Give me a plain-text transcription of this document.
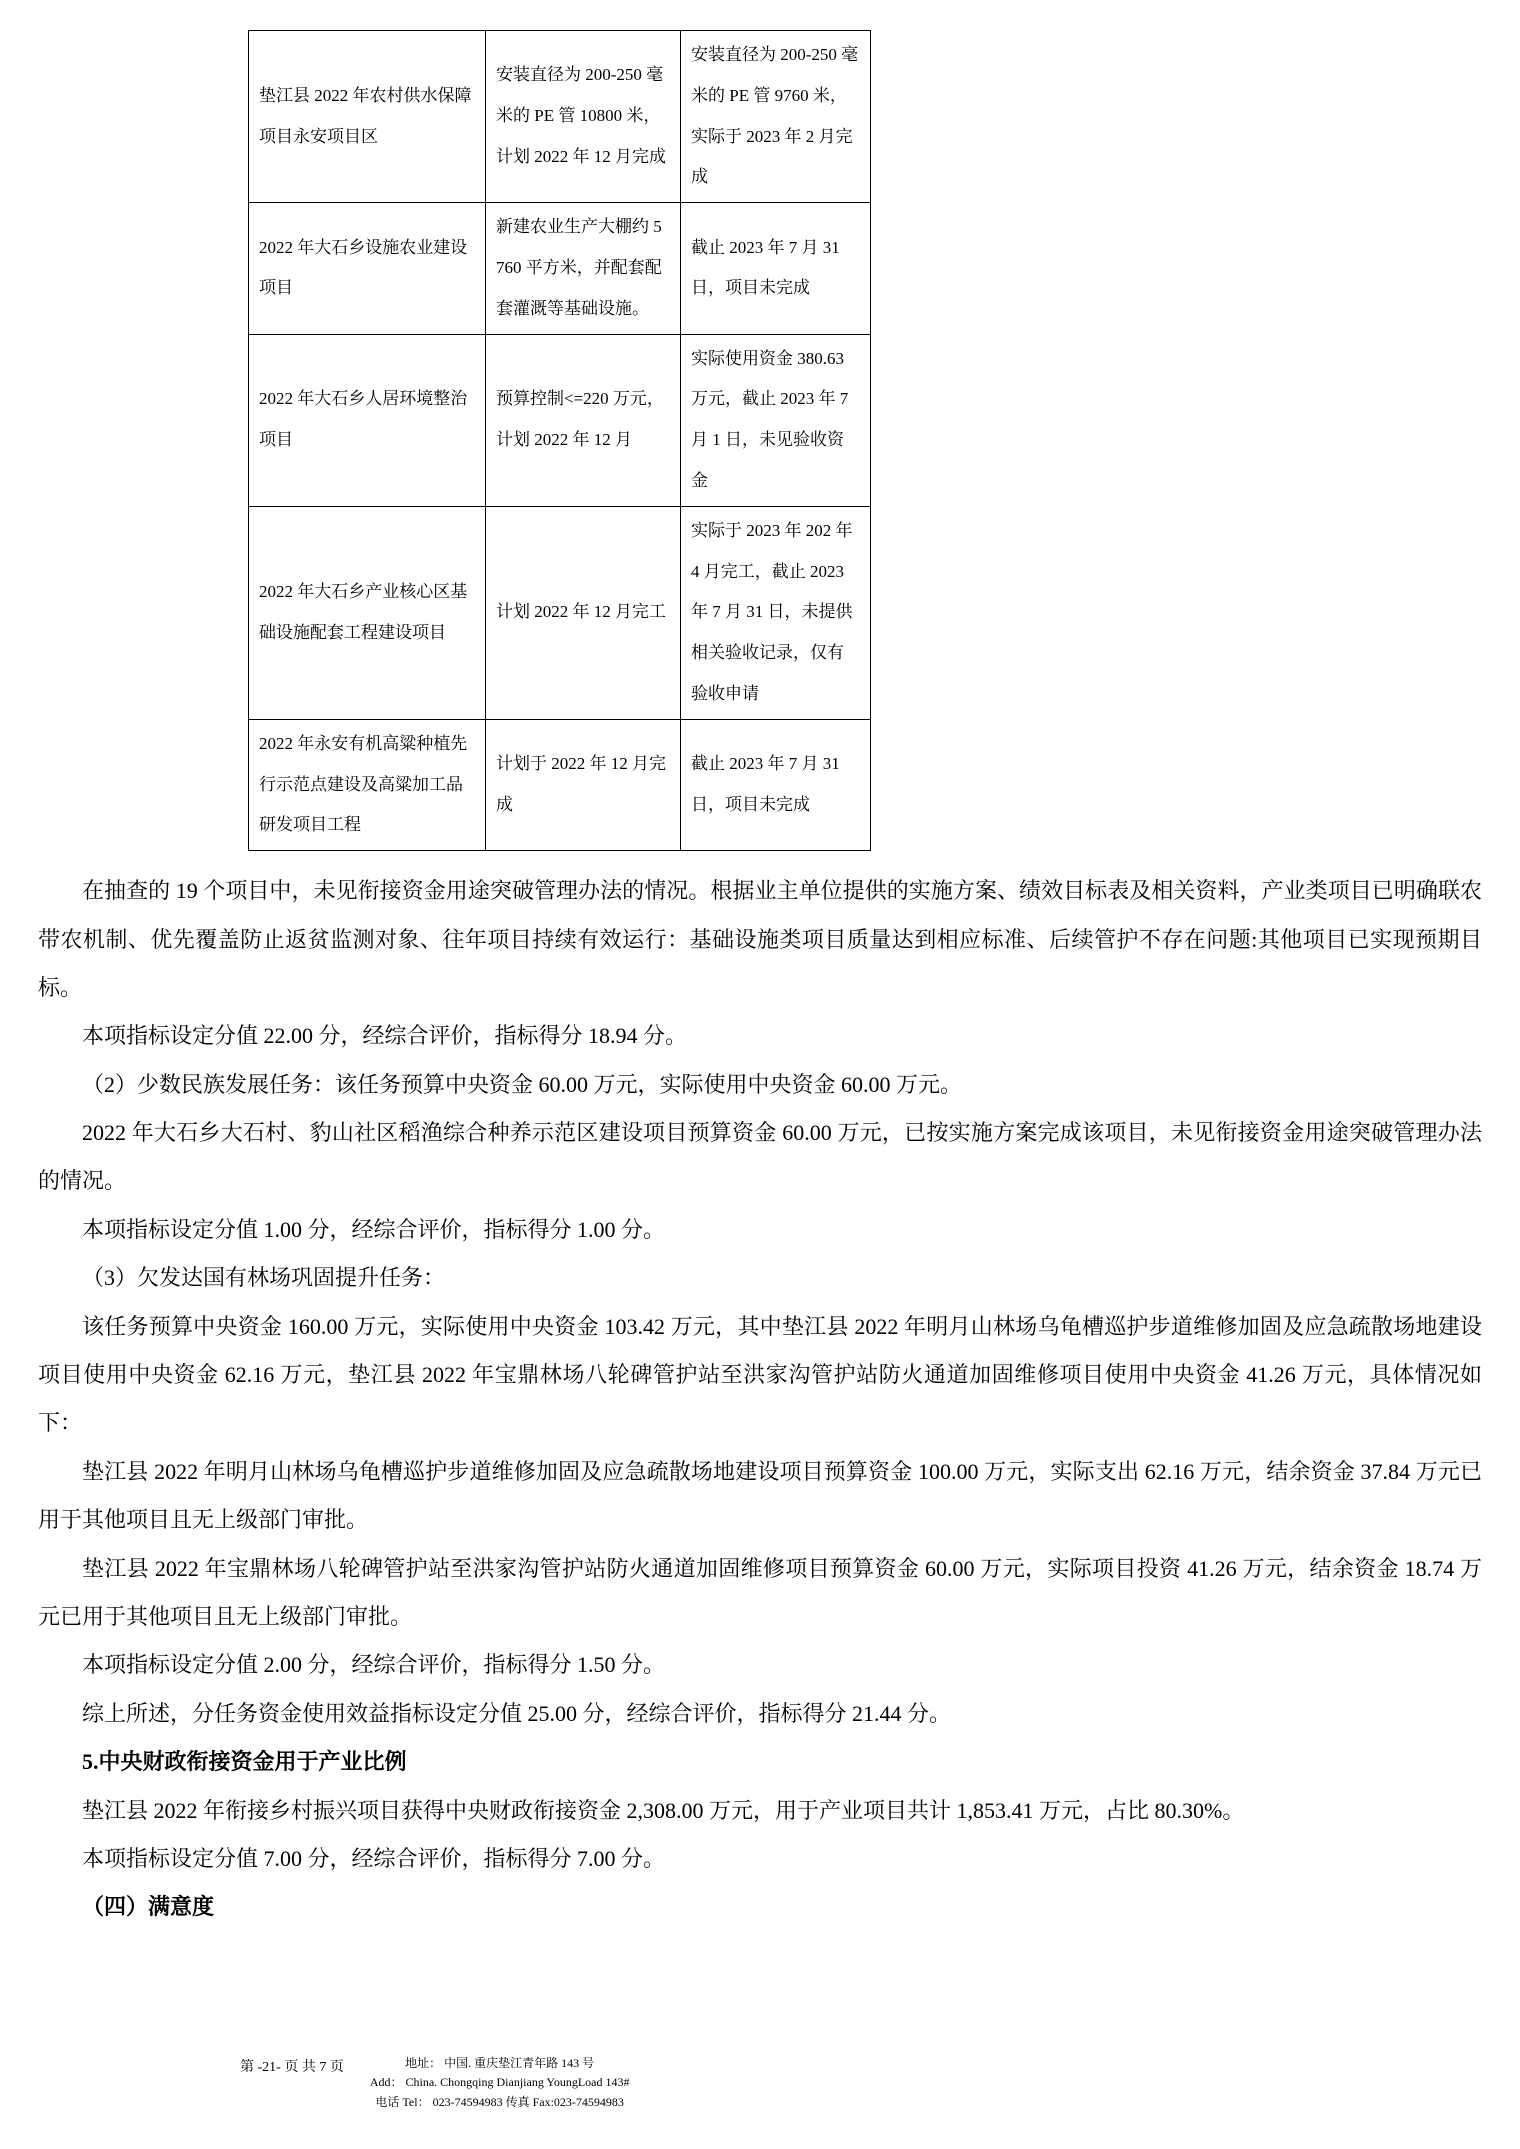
垫江县 2022 年农村供水保障项目永安项目区	安装直径为 200-250 毫米的 PE 管 10800 米，计划 2022 年 12 月完成	安装直径为 200-250 毫米的 PE 管 9760 米，实际于 2023 年 2 月完成
2022 年大石乡设施农业建设项目	新建农业生产大棚约 5760 平方米，并配套配套灌溉等基础设施。	截止 2023 年 7 月 31 日，项目未完成
2022 年大石乡人居环境整治项目	预算控制<=220 万元，计划 2022 年 12 月	实际使用资金 380.63 万元，截止 2023 年 7 月 1 日，未见验收资金
2022 年大石乡产业核心区基础设施配套工程建设项目	计划 2022 年 12 月完工	实际于 2023 年 202 年 4 月完工，截止 2023 年 7 月 31 日，未提供相关验收记录，仅有验收申请
2022 年永安有机高粱种植先行示范点建设及高粱加工品研发项目工程	计划于 2022 年 12 月完成	截止 2023 年 7 月 31 日，项目未完成

在抽查的 19 个项目中，未见衔接资金用途突破管理办法的情况。根据业主单位提供的实施方案、绩效目标表及相关资料，产业类项目已明确联农带农机制、优先覆盖防止返贫监测对象、往年项目持续有效运行：基础设施类项目质量达到相应标准、后续管护不存在问题:其他项目已实现预期目标。

本项指标设定分值 22.00 分，经综合评价，指标得分 18.94 分。

（2）少数民族发展任务：该任务预算中央资金 60.00 万元，实际使用中央资金 60.00 万元。

2022 年大石乡大石村、豹山社区稻渔综合种养示范区建设项目预算资金 60.00 万元，已按实施方案完成该项目，未见衔接资金用途突破管理办法的情况。

本项指标设定分值 1.00 分，经综合评价，指标得分 1.00 分。

（3）欠发达国有林场巩固提升任务：

该任务预算中央资金 160.00 万元，实际使用中央资金 103.42 万元，其中垫江县 2022 年明月山林场乌龟槽巡护步道维修加固及应急疏散场地建设项目使用中央资金 62.16 万元，垫江县 2022 年宝鼎林场八轮碑管护站至洪家沟管护站防火通道加固维修项目使用中央资金 41.26 万元，具体情况如下：

垫江县 2022 年明月山林场乌龟槽巡护步道维修加固及应急疏散场地建设项目预算资金 100.00 万元，实际支出 62.16 万元，结余资金 37.84 万元已用于其他项目且无上级部门审批。

垫江县 2022 年宝鼎林场八轮碑管护站至洪家沟管护站防火通道加固维修项目预算资金 60.00 万元，实际项目投资 41.26 万元，结余资金 18.74 万元已用于其他项目且无上级部门审批。

本项指标设定分值 2.00 分，经综合评价，指标得分 1.50 分。

综上所述，分任务资金使用效益指标设定分值 25.00 分，经综合评价，指标得分 21.44 分。

5.中央财政衔接资金用于产业比例

垫江县 2022 年衔接乡村振兴项目获得中央财政衔接资金 2,308.00 万元，用于产业项目共计 1,853.41 万元，占比 80.30%。

本项指标设定分值 7.00 分，经综合评价，指标得分 7.00 分。

（四）满意度

第 -21- 页 共 7 页	地址： 中国. 重庆垫江青年路 143 号
Add： China. Chongqing Dianjiang YoungLoad 143#
电话 Tel： 023-74594983 传真 Fax:023-74594983
